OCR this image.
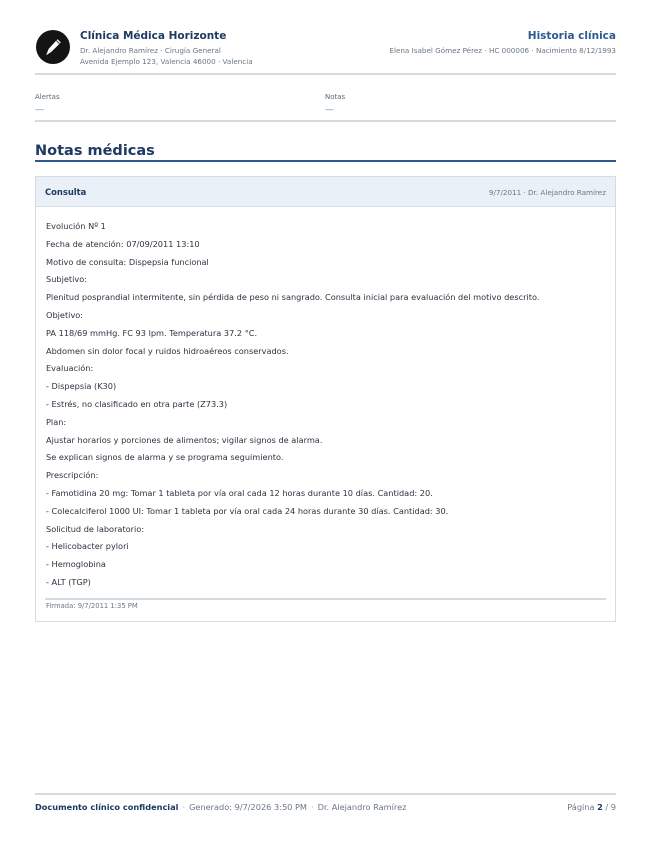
Clínica Médica Horizonte
Dr. Alejandro Ramírez · Cirugía General
Avenida Ejemplo 123, Valencia 46000 · Valencia
Historia clínica
Elena Isabel Gómez Pérez · HC 000006 · Nacimiento 8/12/1993
Alertas
—
Notas
—
Notas médicas
Consulta	9/7/2011 · Dr. Alejandro Ramírez
Evolución Nº 1
Fecha de atención: 07/09/2011 13:10
Motivo de consulta: Dispepsia funcional
Subjetivo:
Plenitud posprandial intermitente, sin pérdida de peso ni sangrado. Consulta inicial para evaluación del motivo descrito.
Objetivo:
PA 118/69 mmHg. FC 93 lpm. Temperatura 37.2 °C.
Abdomen sin dolor focal y ruidos hidroaéreos conservados.
Evaluación:
- Dispepsia (K30)
- Estrés, no clasificado en otra parte (Z73.3)
Plan:
Ajustar horarios y porciones de alimentos; vigilar signos de alarma.
Se explican signos de alarma y se programa seguimiento.
Prescripción:
- Famotidina 20 mg: Tomar 1 tableta por vía oral cada 12 horas durante 10 días. Cantidad: 20.
- Colecalciferol 1000 UI: Tomar 1 tableta por vía oral cada 24 horas durante 30 días. Cantidad: 30.
Solicitud de laboratorio:
- Helicobacter pylori
- Hemoglobina
- ALT (TGP)
Firmada: 9/7/2011 1:35 PM
Documento clínico confidencial · Generado: 9/7/2026 3:50 PM · Dr. Alejandro Ramírez	Página 2 / 9
